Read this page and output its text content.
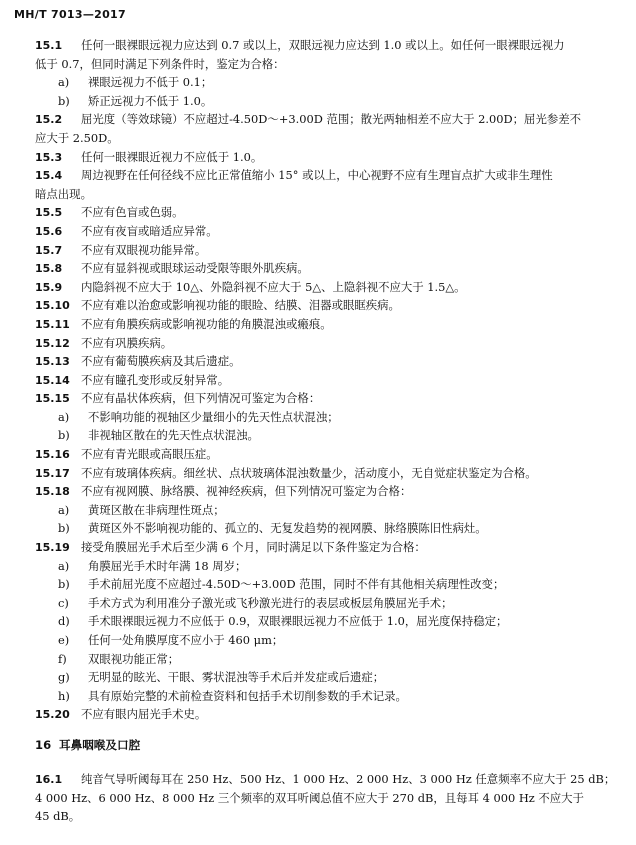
MH/T 7013—2017
15.1 任何一眼裸眼远视力应达到 0.7 或以上，双眼远视力应达到 1.0 或以上。如任何一眼裸眼远视力
低于 0.7，但同时满足下列条件时，鉴定为合格：
a) 裸眼远视力不低于 0.1；
b) 矫正远视力不低于 1.0。
15.2 屈光度（等效球镜）不应超过-4.50D～+3.00D 范围；散光两轴相差不应大于 2.00D；屈光参差不
应大于 2.50D。
15.3 任何一眼裸眼近视力不应低于 1.0。
15.4 周边视野在任何径线不应比正常值缩小 15° 或以上，中心视野不应有生理盲点扩大或非生理性
暗点出现。
15.5 不应有色盲或色弱。
15.6 不应有夜盲或暗适应异常。
15.7 不应有双眼视功能异常。
15.8 不应有显斜视或眼球运动受限等眼外肌疾病。
15.9 内隐斜视不应大于 10△、外隐斜视不应大于 5△、上隐斜视不应大于 1.5△。
15.10 不应有难以治愈或影响视功能的眼睑、结膜、泪器或眼眶疾病。
15.11 不应有角膜疾病或影响视功能的角膜混浊或瘢痕。
15.12 不应有巩膜疾病。
15.13 不应有葡萄膜疾病及其后遗症。
15.14 不应有瞳孔变形或反射异常。
15.15 不应有晶状体疾病，但下列情况可鉴定为合格：
a) 不影响功能的视轴区少量细小的先天性点状混浊；
b) 非视轴区散在的先天性点状混浊。
15.16 不应有青光眼或高眼压症。
15.17 不应有玻璃体疾病。细丝状、点状玻璃体混浊数量少，活动度小，无自觉症状鉴定为合格。
15.18 不应有视网膜、脉络膜、视神经疾病，但下列情况可鉴定为合格：
a) 黄斑区散在非病理性斑点；
b) 黄斑区外不影响视功能的、孤立的、无复发趋势的视网膜、脉络膜陈旧性病灶。
15.19 接受角膜屈光手术后至少满 6 个月，同时满足以下条件鉴定为合格：
a) 角膜屈光手术时年满 18 周岁；
b) 手术前屈光度不应超过-4.50D～+3.00D 范围，同时不伴有其他相关病理性改变；
c) 手术方式为利用准分子激光或飞秒激光进行的表层或板层角膜屈光手术；
d) 手术眼裸眼远视力不应低于 0.9，双眼裸眼远视力不应低于 1.0，屈光度保持稳定；
e) 任何一处角膜厚度不应小于 460 μm；
f) 双眼视功能正常；
g) 无明显的眩光、干眼、雾状混浊等手术后并发症或后遗症；
h) 具有原始完整的术前检查资料和包括手术切削参数的手术记录。
15.20 不应有眼内屈光手术史。
16 耳鼻咽喉及口腔
16.1 纯音气导听阈每耳在 250 Hz、500 Hz、1 000 Hz、2 000 Hz、3 000 Hz 任意频率不应大于 25 dB；
4 000 Hz、6 000 Hz、8 000 Hz 三个频率的双耳听阈总值不应大于 270 dB，且每耳 4 000 Hz 不应大于
45 dB。
